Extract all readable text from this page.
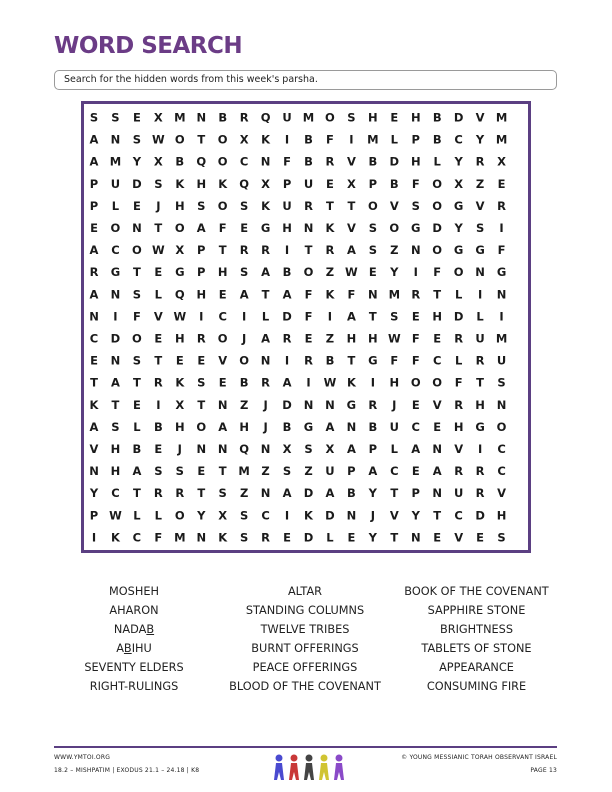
WORD SEARCH
Search for the hidden words from this week's parsha.
S S E X M N B R Q U M O S H E H B D V M
A N S W O T O X K I B F I M L P B C Y M
A M Y X B Q O C N F B R V B D H L Y R X
P U D S K H K Q X P U E X P B F O X Z E
P L E J H S O S K U R T T O V S O G V R
E O N T O A F E G H N K V S O G D Y S I
A C O W X P T R R I T R A S Z N O G G F
R G T E G P H S A B O Z W E Y I F O N G
A N S L Q H E A T A F K F N M R T L I N
N I F V W I C I L D F I A T S E H D L I
C D O E H R O J A R E Z H H W F E R U M
E N S T E E V O N I R B T G F F C L R U
T A T R K S E B R A I W K I H O O F T S
K T E I X T N Z J D N N G R J E V R H N
A S L B H O A H J B G A N B U C E H G O
V H B E J N N Q N X S X A P L A N V I C
N H A S S E T M Z S Z U P A C E A R R C
Y C T R R T S Z N A D A B Y T P N U R V
P W L L O Y X S C I K D N J V Y T C D H
I K C F M N K S R E D L E Y T N E V E S
MOSHEH
AHARON
NADAB
ABIHU
SEVENTY ELDERS
RIGHT-RULINGS
ALTAR
STANDING COLUMNS
TWELVE TRIBES
BURNT OFFERINGS
PEACE OFFERINGS
BLOOD OF THE COVENANT
BOOK OF THE COVENANT
SAPPHIRE STONE
BRIGHTNESS
TABLETS OF STONE
APPEARANCE
CONSUMING FIRE
WWW.YMTOI.ORG
18.2 – MISHPATIM | EXODUS 21.1 – 24.18 | K8
© YOUNG MESSIANIC TORAH OBSERVANT ISRAEL
PAGE 13
